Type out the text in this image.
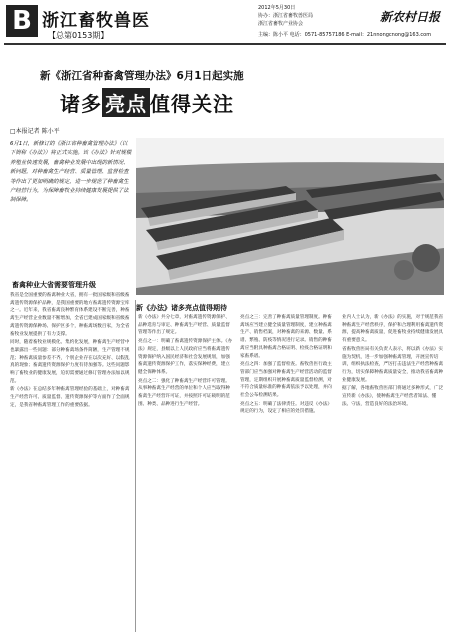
B 浙江畜牧兽医
【总第0153期】
2012年5月30日
协办：浙江省畜牧兽医局
浙江省畜牧产业协会	新农村日报
主编：陈小平 电话：0571-85757186 E-mail：21nnongcnong@163.com
新《浙江省种畜禽管理办法》6月1日起实施
诸多 亮点 值得关注
□本报记者 陈小平
6月1日，新修订的《浙江省种畜禽管理办法》（以下简称《办法》）将正式实施。该《办法》针对规模养殖业快速发展，畜禽种业发展中出现的新情况、新问题，对种畜禽生产经营、质量管理、监督检查等作出了更加明确的规定，进一步规范了种畜禽生产经营行为，为保障畜牧业持续健康发展提供了法制保障。
畜禽种业大省需要管理升级
新《办法》诸多亮点值得期待

我省是全国重要的畜禽种业大省，拥有一批国家级和省级畜禽遗传资源保护品种，是我国重要的地方畜禽遗传资源宝库之一。近年来，我省畜禽良种繁育体系建设不断完善，种畜禽生产经营企业数量不断增加，全省已建成国家级和省级畜禽遗传资源保种场、保护区多个，种畜禽场数百家，为全省畜牧业发展提供了有力支撑。

同时，随着畜牧业规模化、集约化发展，种畜禽生产经营中也暴露出一些问题：部分种畜禽场条件简陋，生产管理不规范；种畜禽质量参差不齐，个别企业存在以次充好、以假乱真的现象；畜禽遗传资源保护力度有待加强等。这些问题影响了畜牧业的健康发展，迫切需要通过修订管理办法加以规范。

新《办法》在总结多年种畜禽管理经验的基础上，对种畜禽生产经营许可、质量监督、遗传资源保护等方面作了全面规定，是我省种畜禽管理工作的重要依据。

新《办法》共分七章，对畜禽遗传资源保护、品种选育与审定、种畜禽生产经营、质量监督管理等作出了规定。

亮点之一：明确了畜禽遗传资源保护主体。《办法》规定，县级以上人民政府应当将畜禽遗传资源保护纳入国民经济和社会发展规划，加强畜禽遗传资源保护工作，落实保种经费，建立健全保种体系。

亮点之二：强化了种畜禽生产经营许可管理。从事种畜禽生产经营的单位和个人应当取得种畜禽生产经营许可证，并按照许可证载明的范围、种类、品种进行生产经营。

亮点之三：完善了种畜禽质量管理制度。种畜禽场应当建立健全质量管理制度，建立种畜禽生产、销售档案，对种畜禽的来源、数量、系谱、繁殖、防疫等情况进行记录。销售的种畜禽应当附具种畜禽合格证明、检疫合格证明和家畜系谱。

亮点之四：加强了监督检查。畜牧兽医行政主管部门应当加强对种畜禽生产经营活动的监督管理，定期组织开展种畜禽质量监督检测，对不符合质量标准的种畜禽依法予以处理，并向社会公布检测结果。

亮点之五：明确了法律责任。对违反《办法》规定的行为，设定了相应的处罚措施。

业内人士认为，新《办法》的实施，对于规范我省种畜禽生产经营秩序，保护和合理利用畜禽遗传资源，提高种畜禽质量，促进畜牧业持续健康发展具有重要意义。

省畜牧兽医局有关负责人表示，将以新《办法》实施为契机，进一步加强种畜禽管理，开展宣传培训，组织执法检查，严厉打击违法生产经营种畜禽行为，切实保障种畜禽质量安全，推动我省畜禽种业健康发展。

据了解，各地畜牧兽医部门将通过多种形式，广泛宣传新《办法》，使种畜禽生产经营者知法、懂法、守法，营造良好的法治环境。
